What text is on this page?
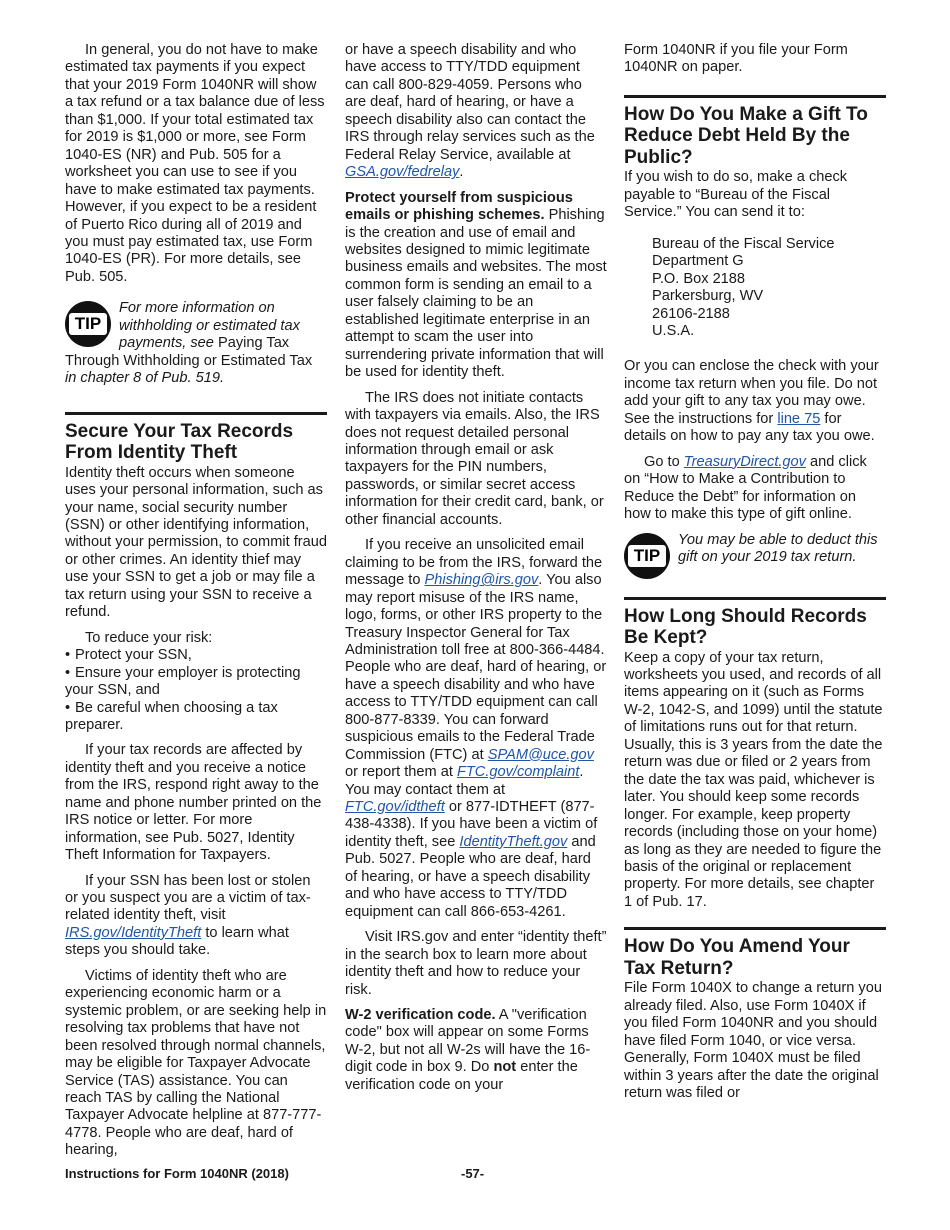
In general, you do not have to make estimated tax payments if you expect that your 2019 Form 1040NR will show a tax refund or a tax balance due of less than $1,000. If your total estimated tax for 2019 is $1,000 or more, see Form 1040-ES (NR) and Pub. 505 for a worksheet you can use to see if you have to make estimated tax payments. However, if you expect to be a resident of Puerto Rico during all of 2019 and you must pay estimated tax, use Form 1040-ES (PR). For more details, see Pub. 505.

TIP
For more information on withholding or estimated tax payments, see Paying Tax Through Withholding or Estimated Tax in chapter 8 of Pub. 519.
Secure Your Tax Records From Identity Theft

Identity theft occurs when someone uses your personal information, such as your name, social security number (SSN) or other identifying information, without your permission, to commit fraud or other crimes. An identity thief may use your SSN to get a job or may file a tax return using your SSN to receive a refund.

To reduce your risk:

• Protect your SSN,
• Ensure your employer is protecting your SSN, and
• Be careful when choosing a tax preparer.

If your tax records are affected by identity theft and you receive a notice from the IRS, respond right away to the name and phone number printed on the IRS notice or letter. For more information, see Pub. 5027, Identity Theft Information for Taxpayers.

If your SSN has been lost or stolen or you suspect you are a victim of tax-related identity theft, visit IRS.gov/IdentityTheft to learn what steps you should take.

Victims of identity theft who are experiencing economic harm or a systemic problem, or are seeking help in resolving tax problems that have not been resolved through normal channels, may be eligible for Taxpayer Advocate Service (TAS) assistance. You can reach TAS by calling the National Taxpayer Advocate helpline at 877-777-4778. People who are deaf, hard of hearing,

or have a speech disability and who have access to TTY/TDD equipment can call 800-829-4059. Persons who are deaf, hard of hearing, or have a speech disability also can contact the IRS through relay services such as the Federal Relay Service, available at GSA.gov/fedrelay.

Protect yourself from suspicious emails or phishing schemes. Phishing is the creation and use of email and websites designed to mimic legitimate business emails and websites. The most common form is sending an email to a user falsely claiming to be an established legitimate enterprise in an attempt to scam the user into surrendering private information that will be used for identity theft.

The IRS does not initiate contacts with taxpayers via emails. Also, the IRS does not request detailed personal information through email or ask taxpayers for the PIN numbers, passwords, or similar secret access information for their credit card, bank, or other financial accounts.

If you receive an unsolicited email claiming to be from the IRS, forward the message to Phishing@irs.gov. You also may report misuse of the IRS name, logo, forms, or other IRS property to the Treasury Inspector General for Tax Administration toll free at 800-366-4484. People who are deaf, hard of hearing, or have a speech disability and who have access to TTY/TDD equipment can call 800-877-8339. You can forward suspicious emails to the Federal Trade Commission (FTC) at SPAM@uce.gov or report them at FTC.gov/complaint. You may contact them at FTC.gov/idtheft or 877-IDTHEFT (877-438-4338). If you have been a victim of identity theft, see IdentityTheft.gov and Pub. 5027. People who are deaf, hard of hearing, or have a speech disability and who have access to TTY/TDD equipment can call 866-653-4261.

Visit IRS.gov and enter “identity theft” in the search box to learn more about identity theft and how to reduce your risk.

W-2 verification code. A "verification code" box will appear on some Forms W-2, but not all W-2s will have the 16-digit code in box 9. Do not enter the verification code on your

Form 1040NR if you file your Form 1040NR on paper.

How Do You Make a Gift To Reduce Debt Held By the Public?

If you wish to do so, make a check payable to “Bureau of the Fiscal Service.” You can send it to:

Bureau of the Fiscal Service
Department G
P.O. Box 2188
Parkersburg, WV
26106-2188
U.S.A.

Or you can enclose the check with your income tax return when you file. Do not add your gift to any tax you may owe. See the instructions for line 75 for details on how to pay any tax you owe.

Go to TreasuryDirect.gov and click on “How to Make a Contribution to Reduce the Debt” for information on how to make this type of gift online.

TIP
You may be able to deduct this gift on your 2019 tax return.
How Long Should Records Be Kept?

Keep a copy of your tax return, worksheets you used, and records of all items appearing on it (such as Forms W-2, 1042-S, and 1099) until the statute of limitations runs out for that return. Usually, this is 3 years from the date the return was due or filed or 2 years from the date the tax was paid, whichever is later. You should keep some records longer. For example, keep property records (including those on your home) as long as they are needed to figure the basis of the original or replacement property. For more details, see chapter 1 of Pub. 17.

How Do You Amend Your Tax Return?

File Form 1040X to change a return you already filed. Also, use Form 1040X if you filed Form 1040NR and you should have filed Form 1040, or vice versa. Generally, Form 1040X must be filed within 3 years after the date the original return was filed or

Instructions for Form 1040NR (2018)	-57-
